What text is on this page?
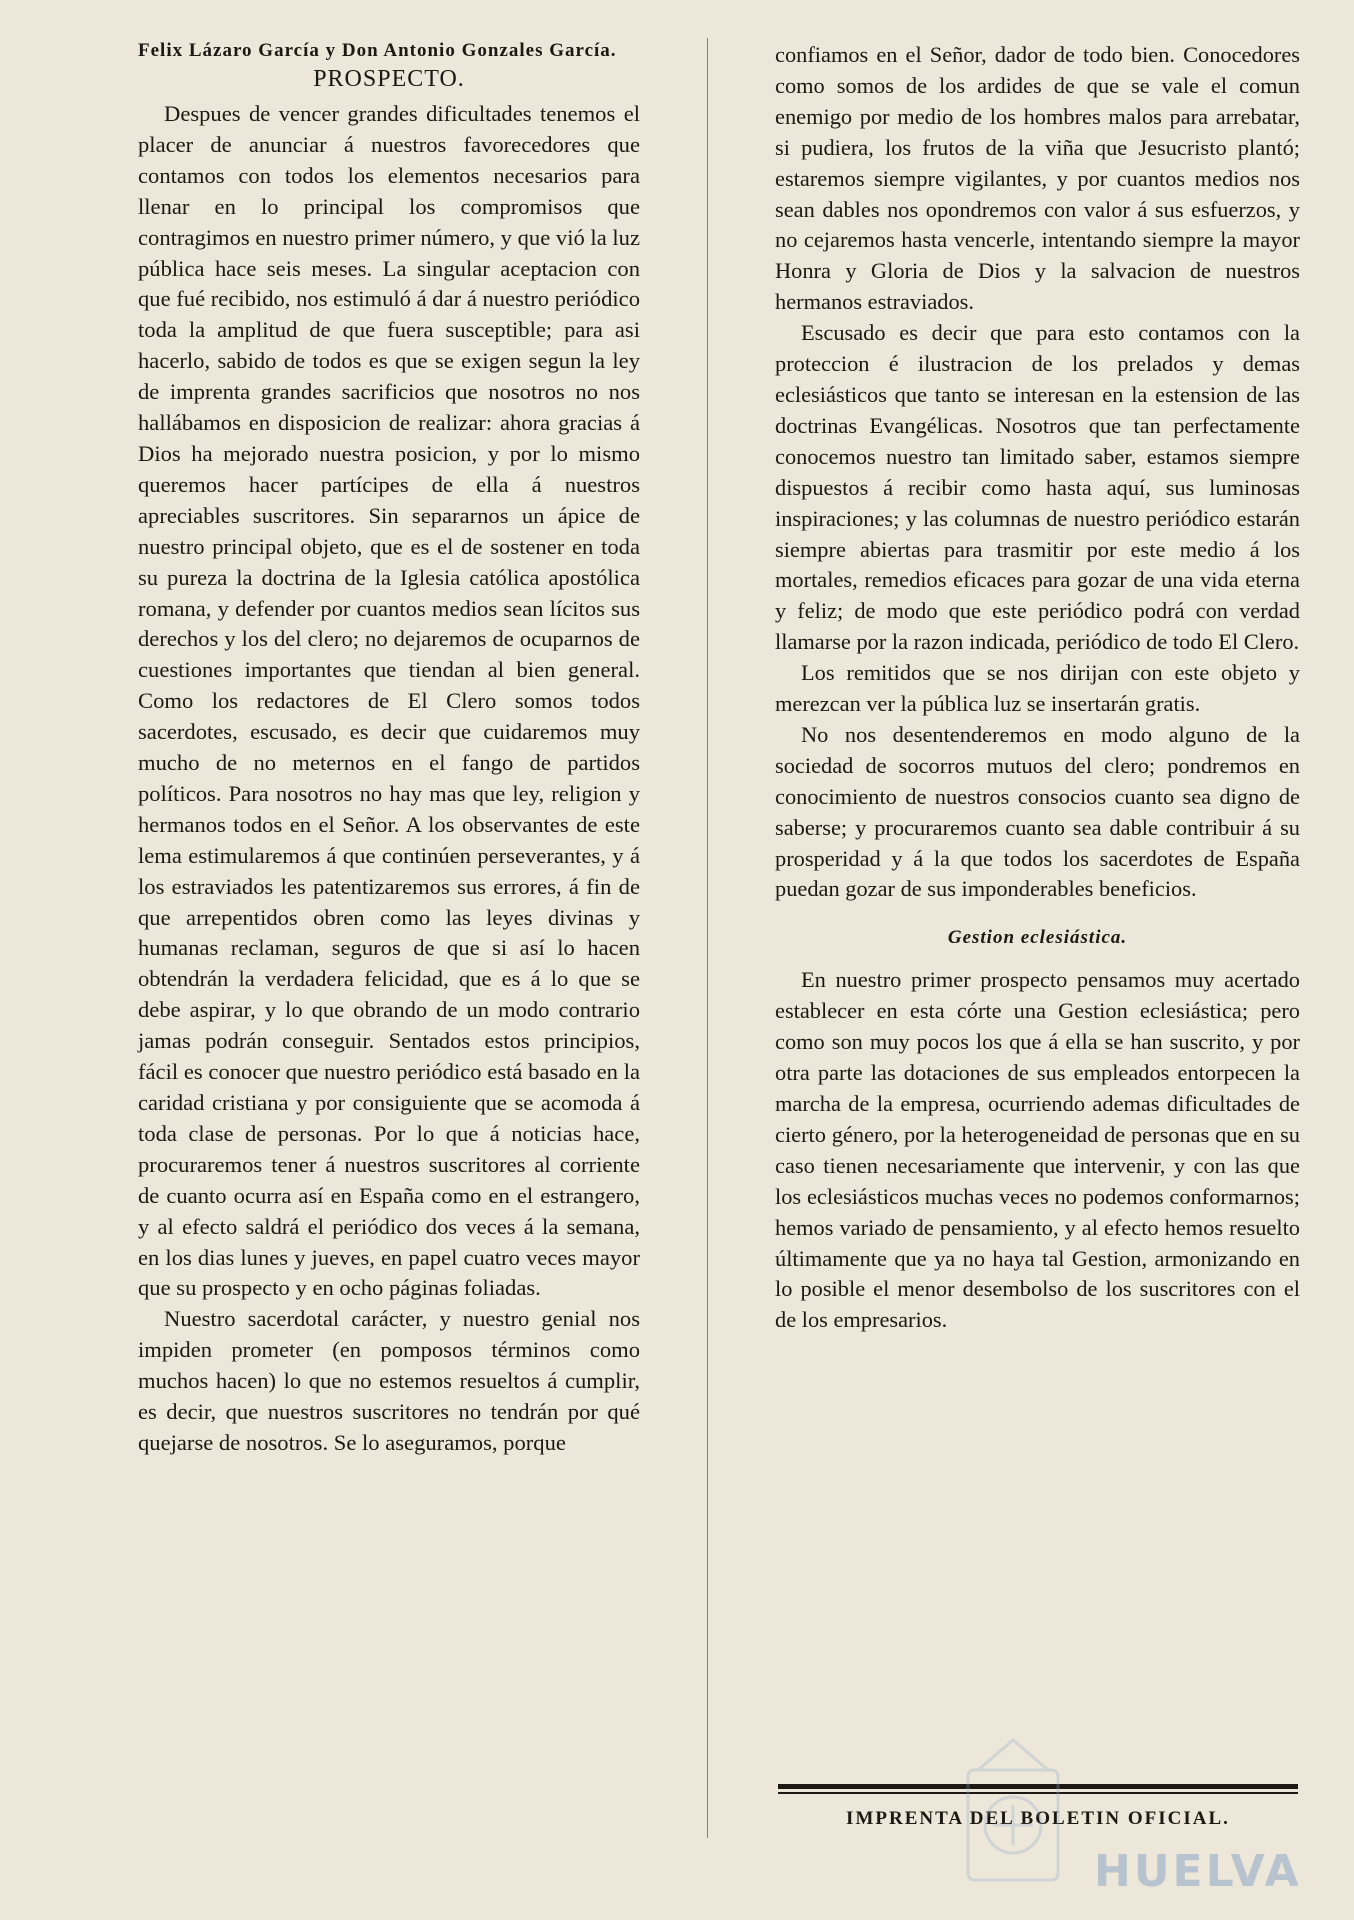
Felix Lázaro García y Don Antonio Gonzales García.

PROSPECTO.

Despues de vencer grandes dificultades tenemos el placer de anunciar á nuestros favorecedores que contamos con todos los elementos necesarios para llenar en lo principal los compromisos que contragimos en nuestro primer número, y que vió la luz pública hace seis meses. La singular aceptacion con que fué recibido, nos estimuló á dar á nuestro periódico toda la amplitud de que fuera susceptible; para asi hacerlo, sabido de todos es que se exigen segun la ley de imprenta grandes sacrificios que nosotros no nos hallábamos en disposicion de realizar: ahora gracias á Dios ha mejorado nuestra posicion, y por lo mismo queremos hacer partícipes de ella á nuestros apreciables suscritores. Sin separarnos un ápice de nuestro principal objeto, que es el de sostener en toda su pureza la doctrina de la Iglesia católica apostólica romana, y defender por cuantos medios sean lícitos sus derechos y los del clero; no dejaremos de ocuparnos de cuestiones importantes que tiendan al bien general. Como los redactores de El Clero somos todos sacerdotes, escusado, es decir que cuidaremos muy mucho de no meternos en el fango de partidos políticos. Para nosotros no hay mas que ley, religion y hermanos todos en el Señor. A los observantes de este lema estimularemos á que continúen perseverantes, y á los estraviados les patentizaremos sus errores, á fin de que arrepentidos obren como las leyes divinas y humanas reclaman, seguros de que si así lo hacen obtendrán la verdadera felicidad, que es á lo que se debe aspirar, y lo que obrando de un modo contrario jamas podrán conseguir. Sentados estos principios, fácil es conocer que nuestro periódico está basado en la caridad cristiana y por consiguiente que se acomoda á toda clase de personas. Por lo que á noticias hace, procuraremos tener á nuestros suscritores al corriente de cuanto ocurra así en España como en el estrangero, y al efecto saldrá el periódico dos veces á la semana, en los dias lunes y jueves, en papel cuatro veces mayor que su prospecto y en ocho páginas foliadas.

Nuestro sacerdotal carácter, y nuestro genial nos impiden prometer (en pomposos términos como muchos hacen) lo que no estemos resueltos á cumplir, es decir, que nuestros suscritores no tendrán por qué quejarse de nosotros. Se lo aseguramos, porque

confiamos en el Señor, dador de todo bien. Conocedores como somos de los ardides de que se vale el comun enemigo por medio de los hombres malos para arrebatar, si pudiera, los frutos de la viña que Jesucristo plantó; estaremos siempre vigilantes, y por cuantos medios nos sean dables nos opondremos con valor á sus esfuerzos, y no cejaremos hasta vencerle, intentando siempre la mayor Honra y Gloria de Dios y la salvacion de nuestros hermanos estraviados.

Escusado es decir que para esto contamos con la proteccion é ilustracion de los prelados y demas eclesiásticos que tanto se interesan en la estension de las doctrinas Evangélicas. Nosotros que tan perfectamente conocemos nuestro tan limitado saber, estamos siempre dispuestos á recibir como hasta aquí, sus luminosas inspiraciones; y las columnas de nuestro periódico estarán siempre abiertas para trasmitir por este medio á los mortales, remedios eficaces para gozar de una vida eterna y feliz; de modo que este periódico podrá con verdad llamarse por la razon indicada, periódico de todo El Clero.

Los remitidos que se nos dirijan con este objeto y merezcan ver la pública luz se insertarán gratis.

No nos desentenderemos en modo alguno de la sociedad de socorros mutuos del clero; pondremos en conocimiento de nuestros consocios cuanto sea digno de saberse; y procuraremos cuanto sea dable contribuir á su prosperidad y á la que todos los sacerdotes de España puedan gozar de sus imponderables beneficios.

Gestion eclesiástica.

En nuestro primer prospecto pensamos muy acertado establecer en esta córte una Gestion eclesiástica; pero como son muy pocos los que á ella se han suscrito, y por otra parte las dotaciones de sus empleados entorpecen la marcha de la empresa, ocurriendo ademas dificultades de cierto género, por la heterogeneidad de personas que en su caso tienen necesariamente que intervenir, y con las que los eclesiásticos muchas veces no podemos conformarnos; hemos variado de pensamiento, y al efecto hemos resuelto últimamente que ya no haya tal Gestion, armonizando en lo posible el menor desembolso de los suscritores con el de los empresarios.

IMPRENTA DEL BOLETIN OFICIAL.
HUELVA
